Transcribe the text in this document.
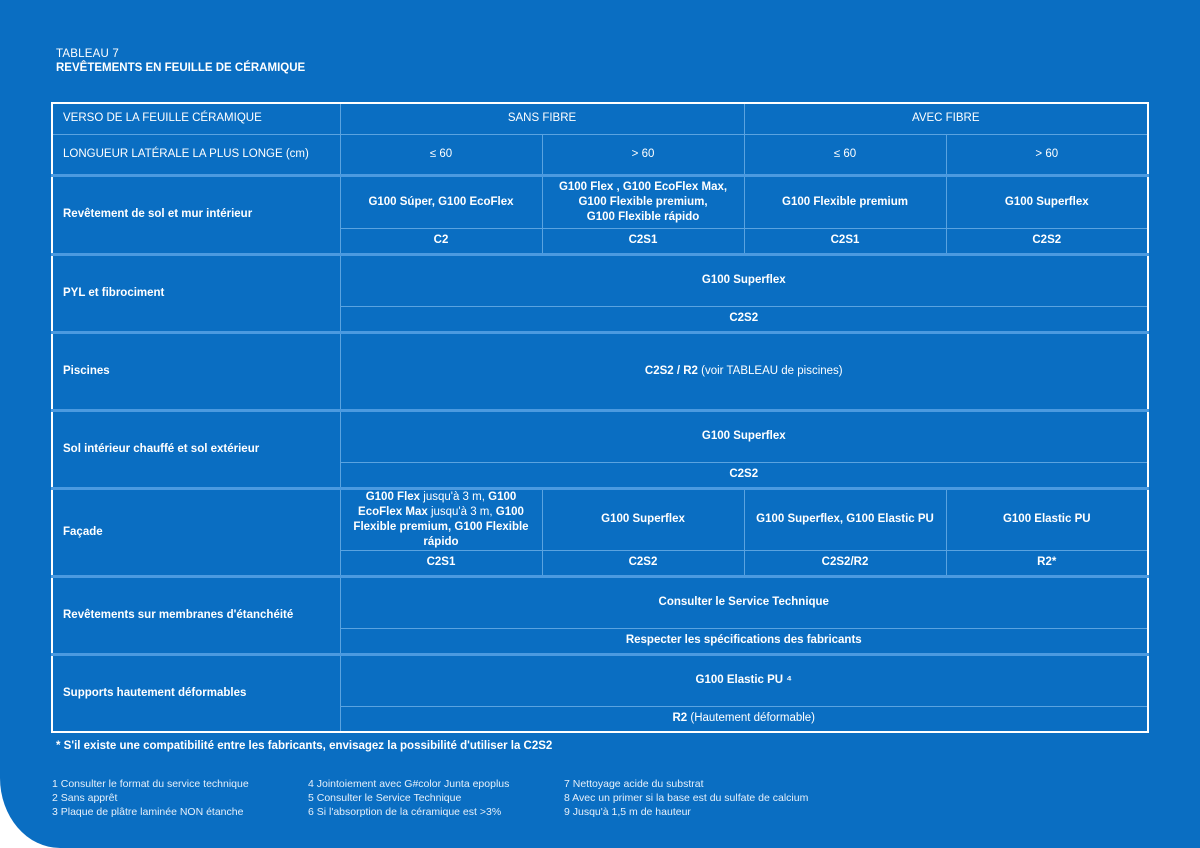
TABLEAU 7
REVÊTEMENTS EN FEUILLE DE CÉRAMIQUE
VERSO DE LA FEUILLE CÉRAMIQUE	SANS FIBRE		AVEC FIBRE	
LONGUEUR LATÉRALE LA PLUS LONGE (cm)	≤ 60	> 60	≤ 60	> 60
Revêtement de sol et mur intérieur	G100 Súper, G100 EcoFlex	G100 Flex , G100 EcoFlex Max,
G100 Flexible premium,
G100 Flexible rápido	G100 Flexible premium	G100 Superflex
	C2	C2S1	C2S1	C2S2
PYL et fibrociment	G100 Superflex			
	C2S2			
Piscines	C2S2 / R2 (voir TABLEAU de piscines)			
Sol intérieur chauffé et sol extérieur	G100 Superflex			
	C2S2			
Façade	G100 Flex jusqu'à 3 m, G100 EcoFlex Max jusqu'à 3 m, G100 Flexible premium, G100 Flexible rápido	G100 Superflex	G100 Superflex, G100 Elastic PU	G100 Elastic PU
	C2S1	C2S2	C2S2/R2	R2*
Revêtements sur membranes d'étanchéité	Consulter le Service Technique			
	Respecter les spécifications des fabricants			
Supports hautement déformables	G100 Elastic PU ⁴			
	R2 (Hautement déformable)			
* S'il existe une compatibilité entre les fabricants, envisagez la possibilité d'utiliser la C2S2
1 Consulter le format du service technique
2 Sans apprêt
3 Plaque de plâtre laminée NON étanche
4 Jointoiement avec G#color Junta epoplus
5 Consulter le Service Technique
6 Si l'absorption de la céramique est >3%
7 Nettoyage acide du substrat
8 Avec un primer si la base est du sulfate de calcium
9 Jusqu'à 1,5 m de hauteur
